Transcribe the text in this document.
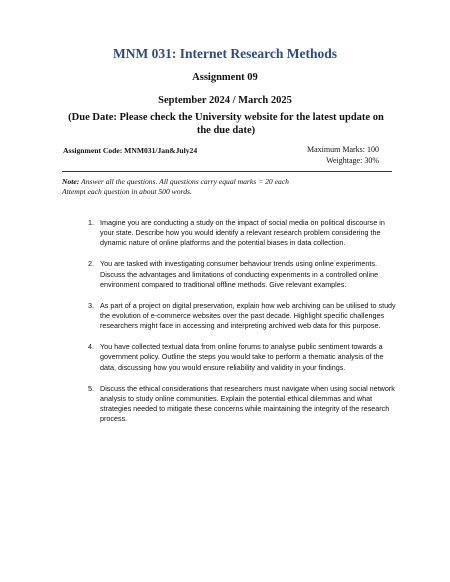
MNM 031: Internet Research Methods
Assignment 09
September 2024 / March 2025
(Due Date: Please check the University website for the latest update on
the due date)
Assignment Code: MNM031/Jan&July24	Maximum Marks: 100
Weightage: 30%
Note: Answer all the questions. All questions carry equal marks = 20 each
Attempt each question in about 500 words.
1. Imagine you are conducting a study on the impact of social media on political discourse in your state. Describe how you would identify a relevant research problem considering the dynamic nature of online platforms and the potential biases in data collection.
2. You are tasked with investigating consumer behaviour trends using online experiments. Discuss the advantages and limitations of conducting experiments in a controlled online environment compared to traditional offline methods. Give relevant examples.
3. As part of a project on digital preservation, explain how web archiving can be utilised to study the evolution of e-commerce websites over the past decade. Highlight specific challenges researchers might face in accessing and interpreting archived web data for this purpose.
4. You have collected textual data from online forums to analyse public sentiment towards a government policy. Outline the steps you would take to perform a thematic analysis of the data, discussing how you would ensure reliability and validity in your findings.
5. Discuss the ethical considerations that researchers must navigate when using social network analysis to study online communities. Explain the potential ethical dilemmas and what strategies needed to mitigate these concerns while maintaining the integrity of the research process.
